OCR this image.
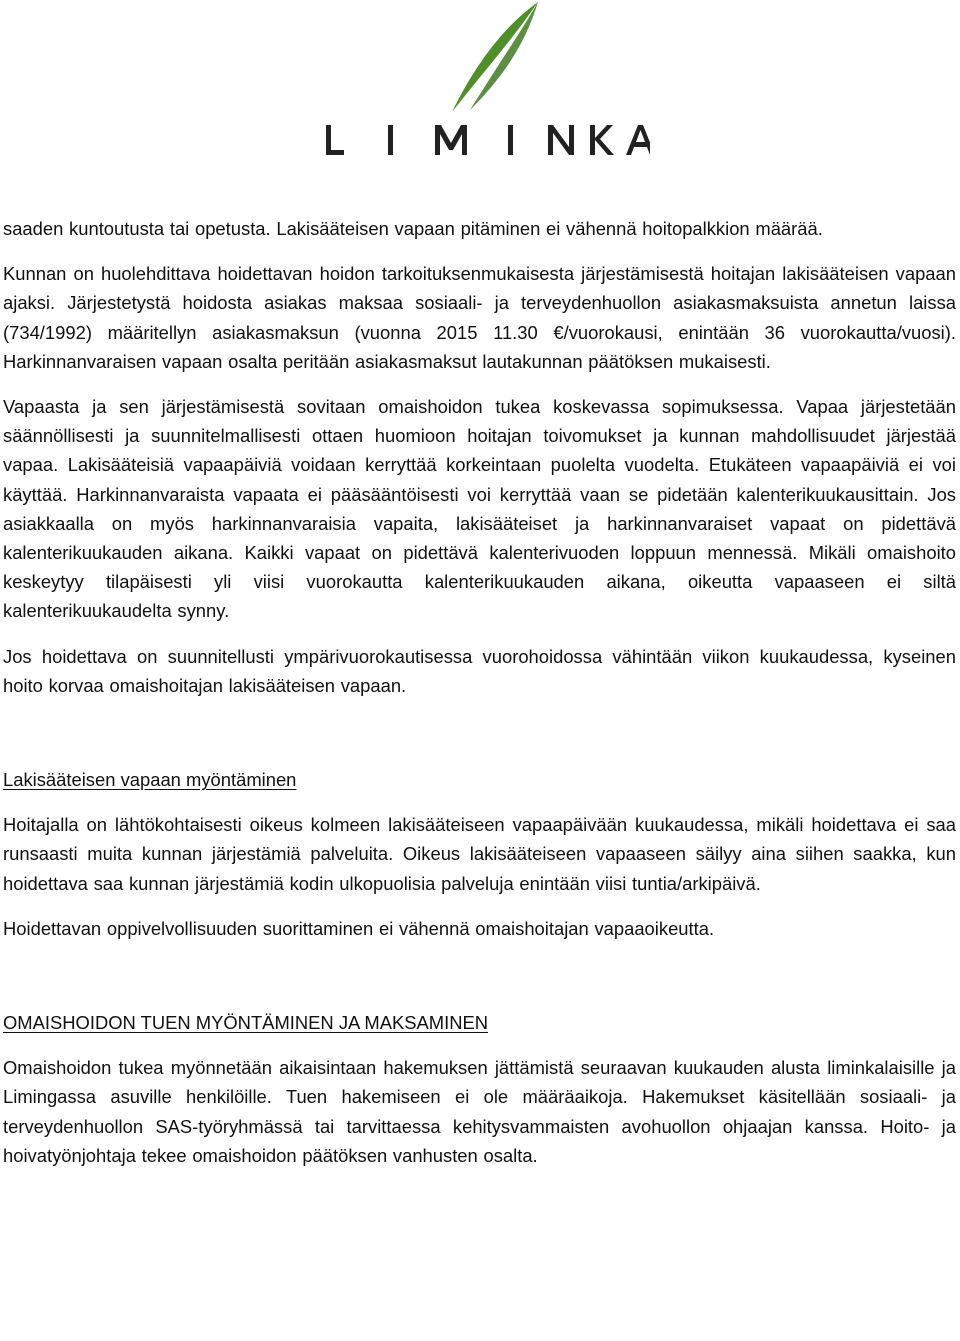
saaden kuntoutusta tai opetusta. Lakisääteisen vapaan pitäminen ei vähennä hoitopalkkion määrää.

Kunnan on huolehdittava hoidettavan hoidon tarkoituksenmukaisesta järjestämisestä hoitajan lakisääteisen vapaan ajaksi. Järjestetystä hoidosta asiakas maksaa sosiaali- ja terveydenhuollon asiakasmaksuista annetun laissa (734/1992) määritellyn asiakasmaksun (vuonna 2015 11.30 €/vuorokausi, enintään 36 vuorokautta/vuosi). Harkinnanvaraisen vapaan osalta peritään asiakasmaksut lautakunnan päätöksen mukaisesti.

Vapaasta ja sen järjestämisestä sovitaan omaishoidon tukea koskevassa sopimuksessa. Vapaa järjestetään säännöllisesti ja suunnitelmallisesti ottaen huomioon hoitajan toivomukset ja kunnan mahdollisuudet järjestää vapaa. Lakisääteisiä vapaapäiviä voidaan kerryttää korkeintaan puolelta vuodelta. Etukäteen vapaapäiviä ei voi käyttää. Harkinnanvaraista vapaata ei pääsääntöisesti voi kerryttää vaan se pidetään kalenterikuukausittain. Jos asiakkaalla on myös harkinnanvaraisia vapaita, lakisääteiset ja harkinnanvaraiset vapaat on pidettävä kalenterikuukauden aikana. Kaikki vapaat on pidettävä kalenterivuoden loppuun mennessä. Mikäli omaishoito keskeytyy tilapäisesti yli viisi vuorokautta kalenterikuukauden aikana, oikeutta vapaaseen ei siltä kalenterikuukaudelta synny.

Jos hoidettava on suunnitellusti ympärivuorokautisessa vuorohoidossa vähintään viikon kuukaudessa, kyseinen hoito korvaa omaishoitajan lakisääteisen vapaan.

Lakisääteisen vapaan myöntäminen

Hoitajalla on lähtökohtaisesti oikeus kolmeen lakisääteiseen vapaapäivään kuukaudessa, mikäli hoidettava ei saa runsaasti muita kunnan järjestämiä palveluita. Oikeus lakisääteiseen vapaaseen säilyy aina siihen saakka, kun hoidettava saa kunnan järjestämiä kodin ulkopuolisia palveluja enintään viisi tuntia/arkipäivä.

Hoidettavan oppivelvollisuuden suorittaminen ei vähennä omaishoitajan vapaaoikeutta.

OMAISHOIDON TUEN MYÖNTÄMINEN JA MAKSAMINEN

Omaishoidon tukea myönnetään aikaisintaan hakemuksen jättämistä seuraavan kuukauden alusta liminkalaisille ja Limingassa asuville henkilöille. Tuen hakemiseen ei ole määräaikoja. Hakemukset käsitellään sosiaali- ja terveydenhuollon SAS-työryhmässä tai tarvittaessa kehitysvammaisten avohuollon ohjaajan kanssa. Hoito- ja hoivatyönjohtaja tekee omaishoidon päätöksen vanhusten osalta.
